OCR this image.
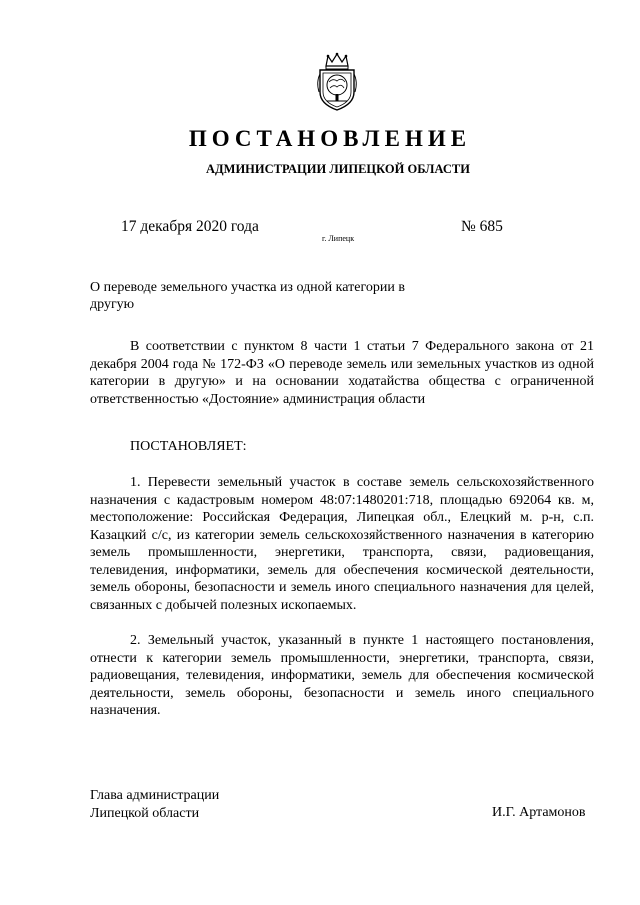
ПОСТАНОВЛЕНИЕ
АДМИНИСТРАЦИИ ЛИПЕЦКОЙ ОБЛАСТИ
17 декабря 2020 года
г. Липецк
№ 685
О переводе земельного участка из одной категории в другую
В соответствии с пунктом 8 части 1 статьи 7 Федерального закона от 21 декабря 2004 года № 172-ФЗ «О переводе земель или земельных участков из одной категории в другую» и на основании ходатайства общества с ограниченной ответственностью «Достояние» администрация области
ПОСТАНОВЛЯЕТ:
1. Перевести земельный участок в составе земель сельскохозяйственного назначения с кадастровым номером 48:07:1480201:718, площадью 692064 кв. м, местоположение: Российская Федерация, Липецкая обл., Елецкий м. р-н, с.п. Казацкий с/с, из категории земель сельскохозяйственного назначения в категорию земель промышленности, энергетики, транспорта, связи, радиовещания, телевидения, информатики, земель для обеспечения космической деятельности, земель обороны, безопасности и земель иного специального назначения для целей, связанных с добычей полезных ископаемых.
2. Земельный участок, указанный в пункте 1 настоящего постановления, отнести к категории земель промышленности, энергетики, транспорта, связи, радиовещания, телевидения, информатики, земель для обеспечения космической деятельности, земель обороны, безопасности и земель иного специального назначения.
Глава администрации
Липецкой области	И.Г. Артамонов
